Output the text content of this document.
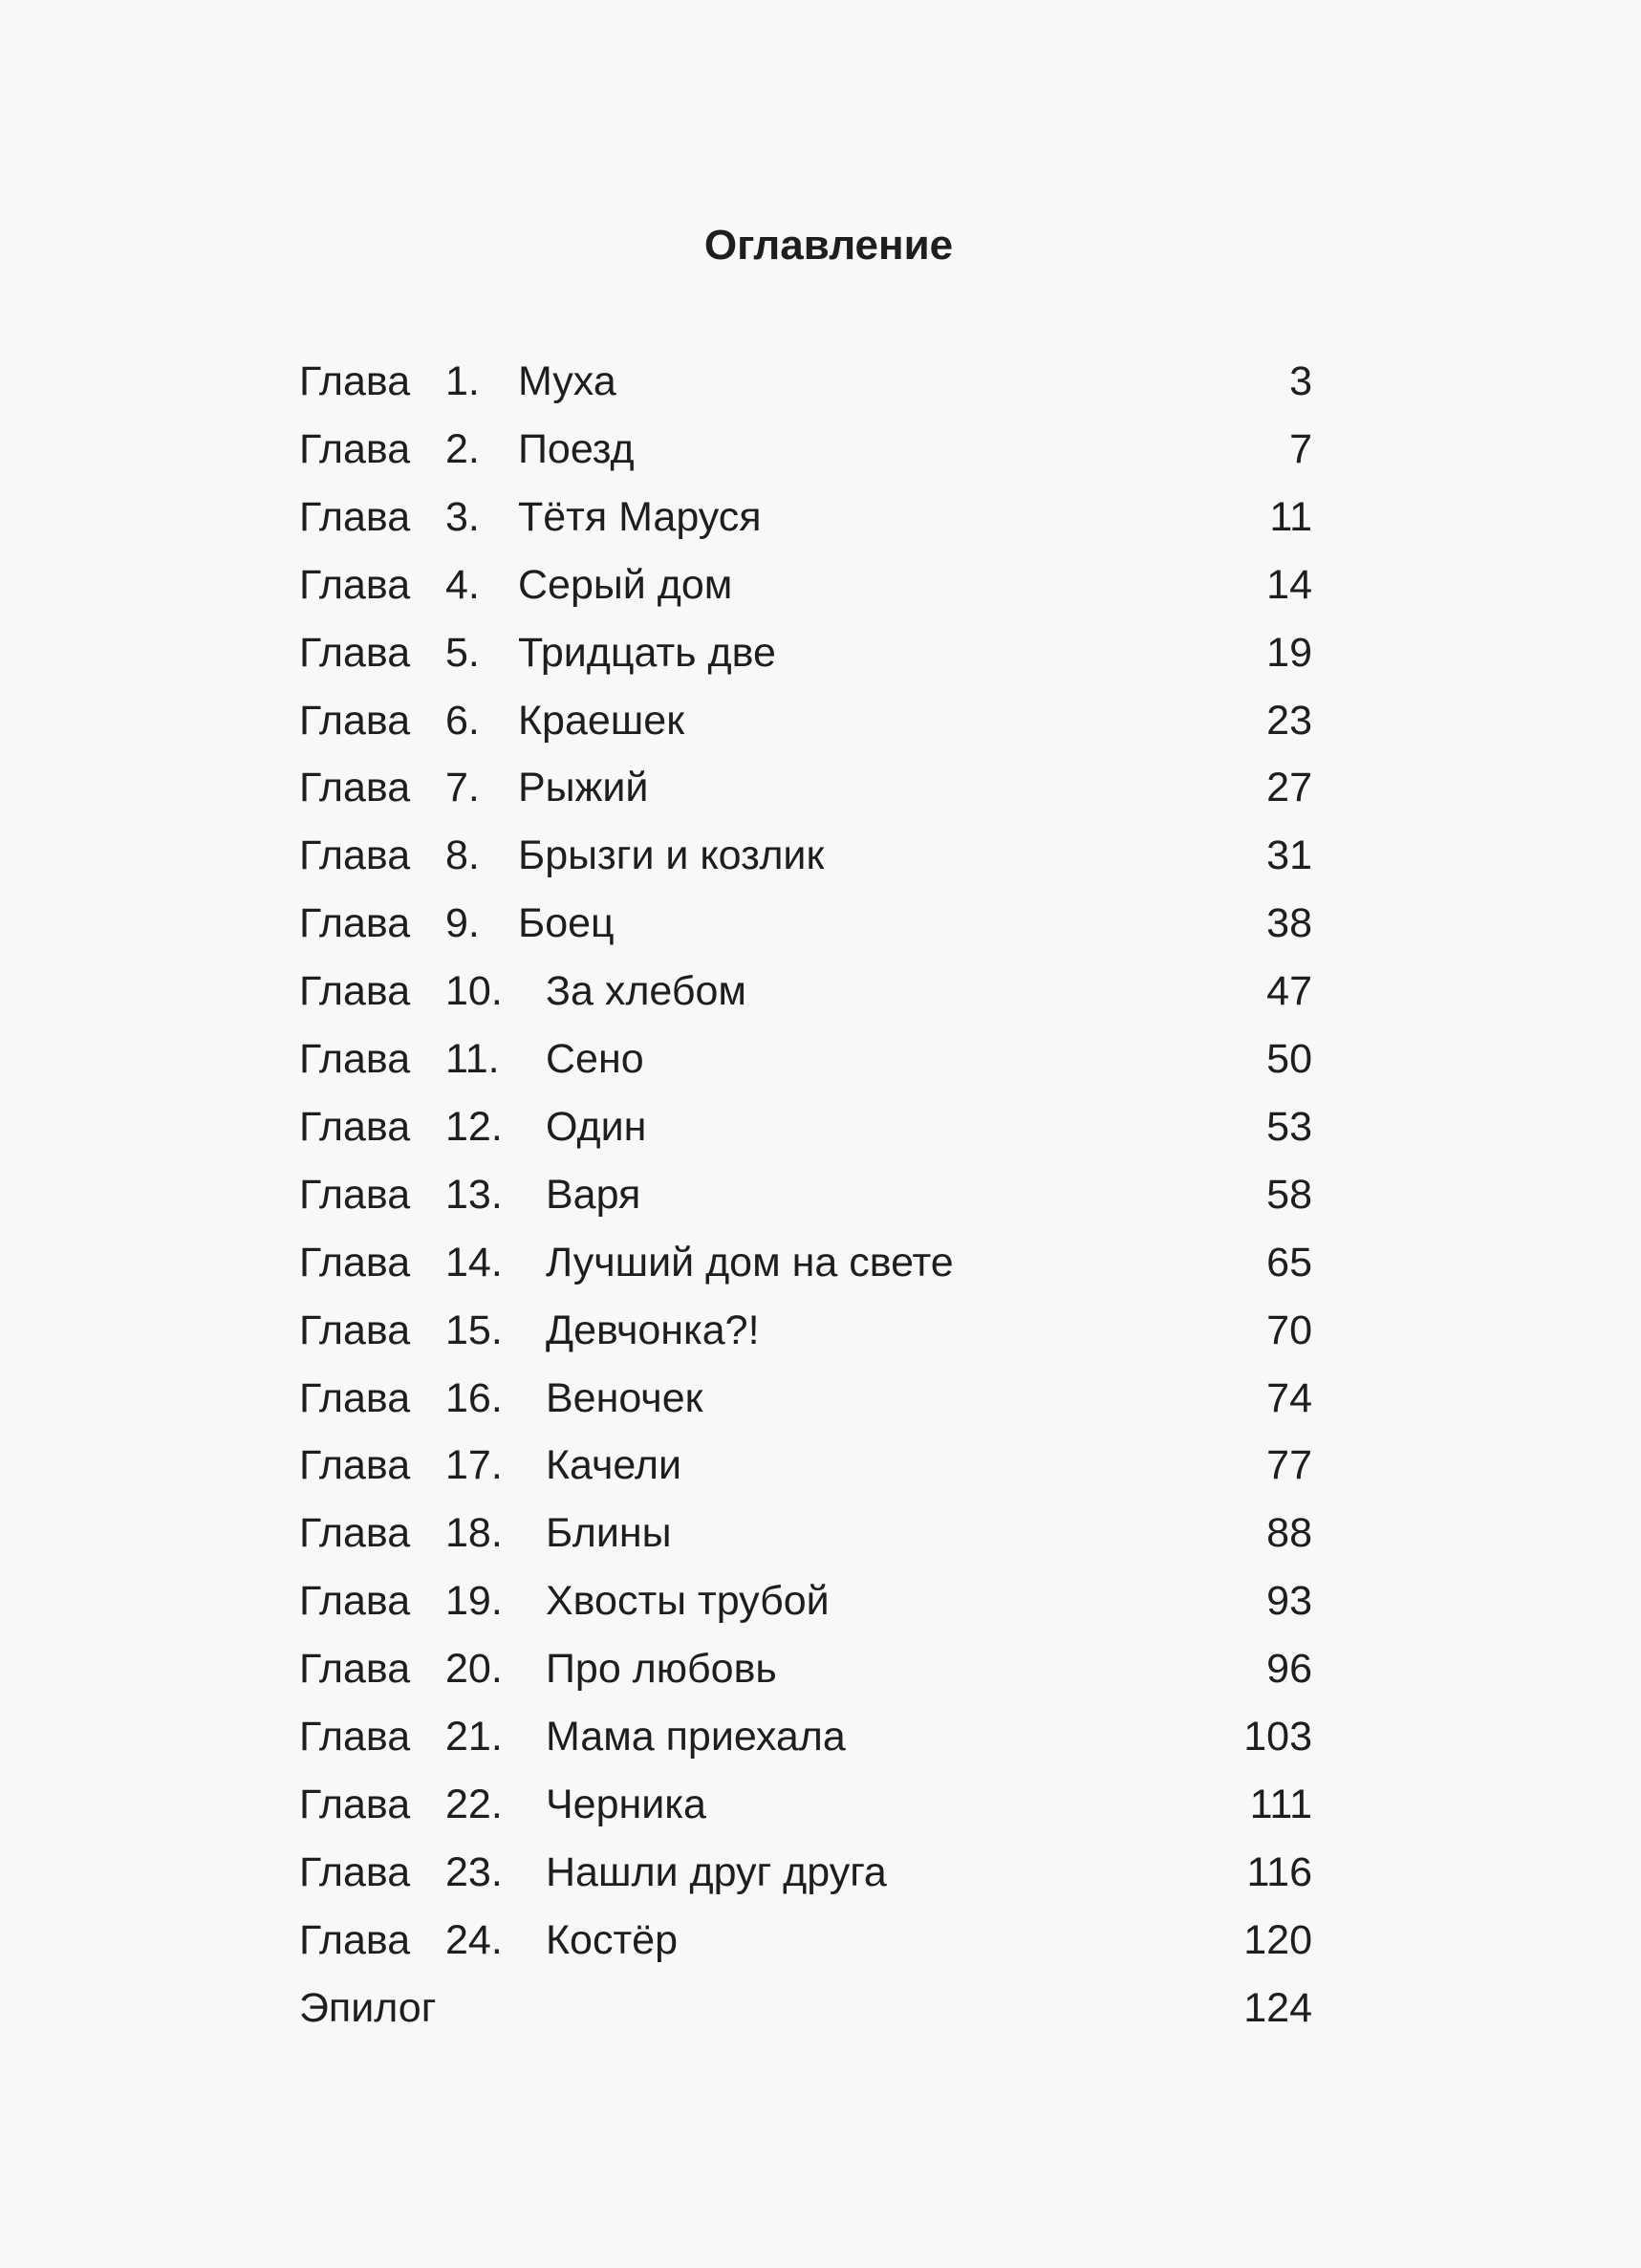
Оглавление
Глава 1. Муха	3
Глава 2. Поезд	7
Глава 3. Тётя Маруся	11
Глава 4. Серый дом	14
Глава 5. Тридцать две	19
Глава 6. Краешек	23
Глава 7. Рыжий	27
Глава 8. Брызги и козлик	31
Глава 9. Боец	38
Глава 10. За хлебом	47
Глава 11. Сено	50
Глава 12. Один	53
Глава 13. Варя	58
Глава 14. Лучший дом на свете	65
Глава 15. Девчонка?!	70
Глава 16. Веночек	74
Глава 17. Качели	77
Глава 18. Блины	88
Глава 19. Хвосты трубой	93
Глава 20. Про любовь	96
Глава 21. Мама приехала	103
Глава 22. Черника	111
Глава 23. Нашли друг друга	116
Глава 24. Костёр	120
Эпилог	124
